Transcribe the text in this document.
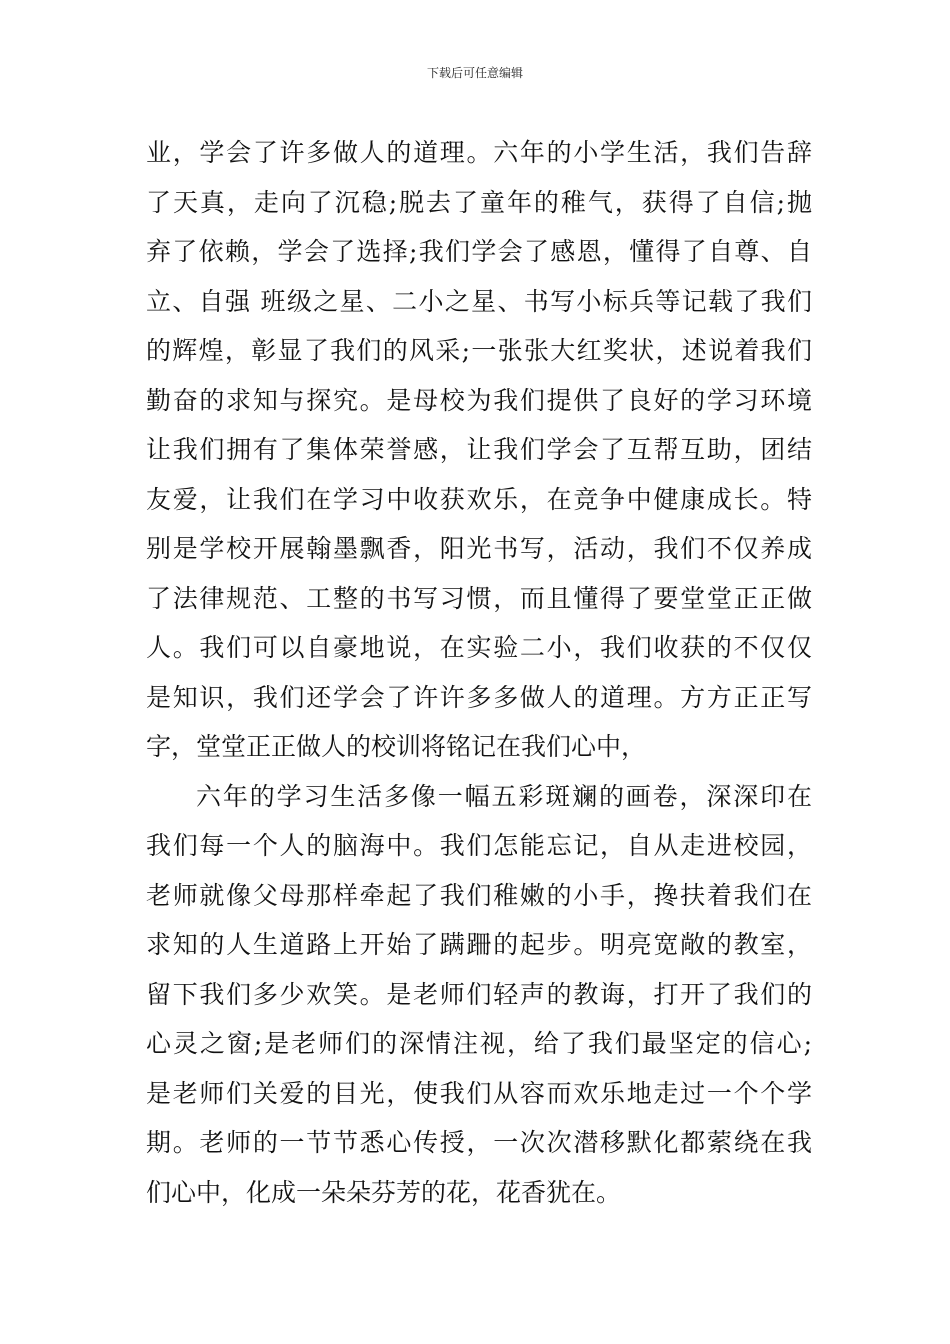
下载后可任意编辑
业，学会了许多做人的道理。六年的小学生活，我们告辞
了天真，走向了沉稳;脱去了童年的稚气，获得了自信;抛
弃了依赖，学会了选择;我们学会了感恩，懂得了自尊、自
立、自强 班级之星、二小之星、书写小标兵等记载了我们
的辉煌，彰显了我们的风采;一张张大红奖状，述说着我们
勤奋的求知与探究。是母校为我们提供了良好的学习环境
让我们拥有了集体荣誉感，让我们学会了互帮互助，团结
友爱，让我们在学习中收获欢乐，在竞争中健康成长。特
别是学校开展翰墨飘香，阳光书写，活动，我们不仅养成
了法律规范、工整的书写习惯，而且懂得了要堂堂正正做
人。我们可以自豪地说，在实验二小，我们收获的不仅仅
是知识，我们还学会了许许多多做人的道理。方方正正写
字，堂堂正正做人的校训将铭记在我们心中，
六年的学习生活多像一幅五彩斑斓的画卷，深深印在
我们每一个人的脑海中。我们怎能忘记，自从走进校园，
老师就像父母那样牵起了我们稚嫩的小手，搀扶着我们在
求知的人生道路上开始了蹒跚的起步。明亮宽敞的教室，
留下我们多少欢笑。是老师们轻声的教诲，打开了我们的
心灵之窗;是老师们的深情注视，给了我们最坚定的信心;
是老师们关爱的目光，使我们从容而欢乐地走过一个个学
期。老师的一节节悉心传授，一次次潜移默化都萦绕在我
们心中，化成一朵朵芬芳的花，花香犹在。
